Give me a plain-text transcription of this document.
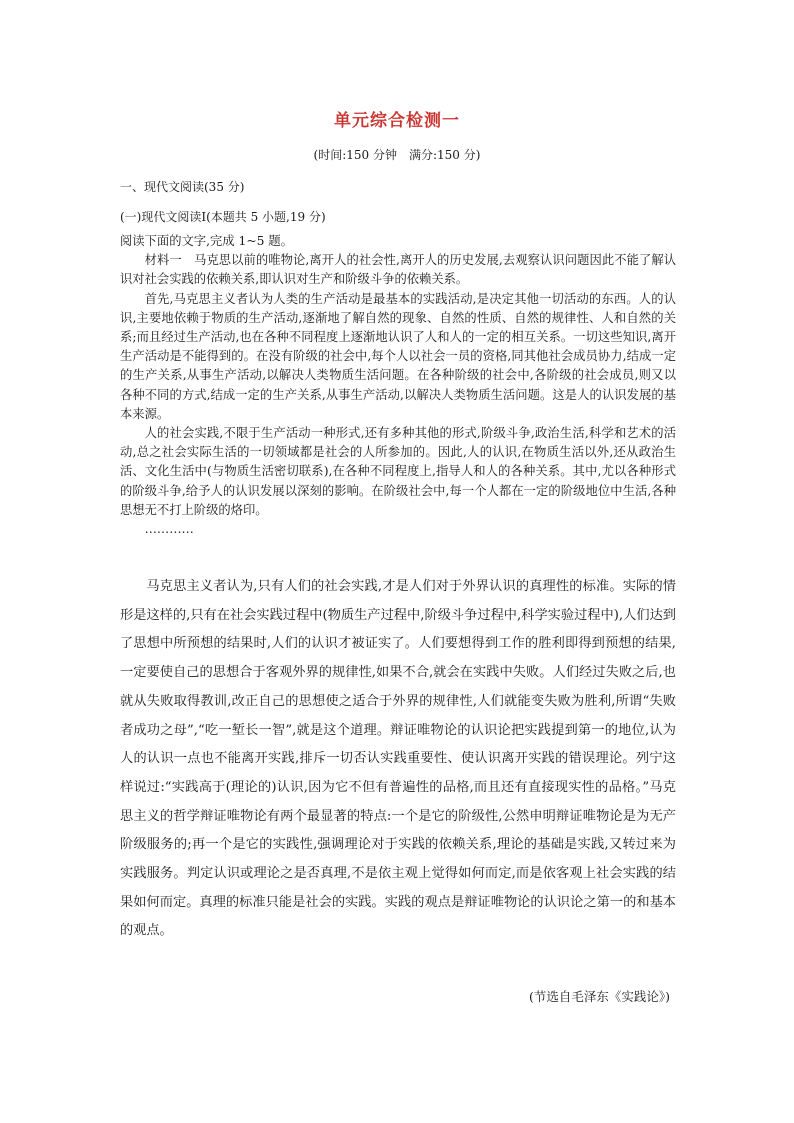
单元综合检测一
(时间:150 分钟　满分:150 分)
一、现代文阅读(35 分)
(一)现代文阅读Ⅰ(本题共 5 小题,19 分)

阅读下面的文字,完成 1~5 题。

材料一　马克思以前的唯物论,离开人的社会性,离开人的历史发展,去观察认识问题因此不能了解认识对社会实践的依赖关系,即认识对生产和阶级斗争的依赖关系。

首先,马克思主义者认为人类的生产活动是最基本的实践活动,是决定其他一切活动的东西。人的认识,主要地依赖于物质的生产活动,逐渐地了解自然的现象、自然的性质、自然的规律性、人和自然的关系;而且经过生产活动,也在各种不同程度上逐渐地认识了人和人的一定的相互关系。一切这些知识,离开生产活动是不能得到的。在没有阶级的社会中,每个人以社会一员的资格,同其他社会成员协力,结成一定的生产关系,从事生产活动,以解决人类物质生活问题。在各种阶级的社会中,各阶级的社会成员,则又以各种不同的方式,结成一定的生产关系,从事生产活动,以解决人类物质生活问题。这是人的认识发展的基本来源。

人的社会实践,不限于生产活动一种形式,还有多种其他的形式,阶级斗争,政治生活,科学和艺术的活动,总之社会实际生活的一切领域都是社会的人所参加的。因此,人的认识,在物质生活以外,还从政治生活、文化生活中(与物质生活密切联系),在各种不同程度上,指导人和人的各种关系。其中,尤以各种形式的阶级斗争,给予人的认识发展以深刻的影响。在阶级社会中,每一个人都在一定的阶级地位中生活,各种思想无不打上阶级的烙印。

…………

马克思主义者认为,只有人们的社会实践,才是人们对于外界认识的真理性的标准。实际的情形是这样的,只有在社会实践过程中(物质生产过程中,阶级斗争过程中,科学实验过程中),人们达到了思想中所预想的结果时,人们的认识才被证实了。人们要想得到工作的胜利即得到预想的结果,一定要使自己的思想合于客观外界的规律性,如果不合,就会在实践中失败。人们经过失败之后,也就从失败取得教训,改正自己的思想使之适合于外界的规律性,人们就能变失败为胜利,所谓“失败者成功之母”,“吃一堑长一智”,就是这个道理。辩证唯物论的认识论把实践提到第一的地位,认为人的认识一点也不能离开实践,排斥一切否认实践重要性、使认识离开实践的错误理论。列宁这样说过:“实践高于(理论的)认识,因为它不但有普遍性的品格,而且还有直接现实性的品格。”马克思主义的哲学辩证唯物论有两个最显著的特点:一个是它的阶级性,公然申明辩证唯物论是为无产阶级服务的;再一个是它的实践性,强调理论对于实践的依赖关系,理论的基础是实践,又转过来为实践服务。判定认识或理论之是否真理,不是依主观上觉得如何而定,而是依客观上社会实践的结果如何而定。真理的标准只能是社会的实践。实践的观点是辩证唯物论的认识论之第一的和基本的观点。

(节选自毛泽东《实践论》)
